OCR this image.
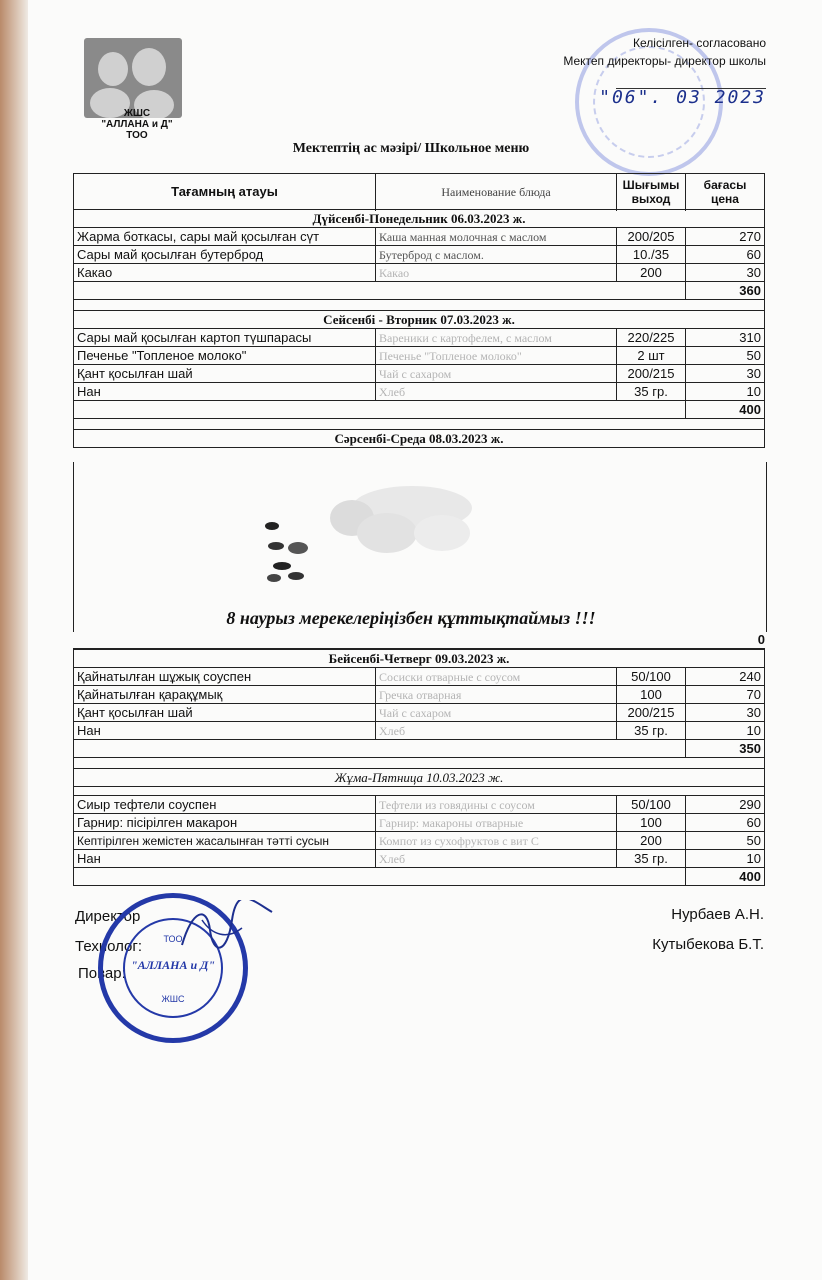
ЖШС
"АЛЛАНА и Д"
ТОО
Келісілген- согласовано
Мектеп директоры- директор школы
"06". 03 2023
Мектептің ас мәзірі/ Школьное меню
Тағамның атауы	Наименование блюда	Шығымы выход	бағасы цена

Дүйсенбі-Понедельник 06.03.2023 ж.			
Жарма боткасы, сары май қосылған сүт	Каша манная молочная с маслом	200/205	270
Сары май қосылған бутерброд	Бутерброд с маслом.	10./35	60
Какао	Какао	200	30
			360

Сейсенбі - Вторник 07.03.2023 ж.			
Сары май қосылған картоп түшпарасы	Вареники с картофелем, с маслом	220/225	310
Печенье "Топленое молоко"	Печенье "Топленое молоко"	2 шт	50
Қант қосылған шай	Чай с сахаром	200/215	30
Нан	Хлеб	35 гр.	10
			400

Сәрсенбі-Среда 08.03.2023 ж.			
8 наурыз мерекелеріңізбен құттықтаймыз !!!
0
Бейсенбі-Четверг 09.03.2023 ж.			
Қайнатылған шұжық соуспен	Сосиски отварные с соусом	50/100	240
Қайнатылған қарақұмық	Гречка отварная	100	70
Қант қосылған шай	Чай с сахаром	200/215	30
Нан	Хлеб	35 гр.	10
			350

Жұма-Пятница 10.03.2023 ж.			

Сиыр тефтели соуспен	Тефтели из говядины с соусом	50/100	290
Гарнир: пісірілген макарон	Гарнир: макароны отварные	100	60
Кептірілген жемістен жасалынған тәтті сусын	Компот из сухофруктов с вит С	200	50
Нан	Хлеб	35 гр.	10
			400
Директор	Нурбаев А.Н.
Технолог:	Кутыбекова Б.Т.
Повар:
ТОО
"АЛЛАНА и Д"
ЖШС
